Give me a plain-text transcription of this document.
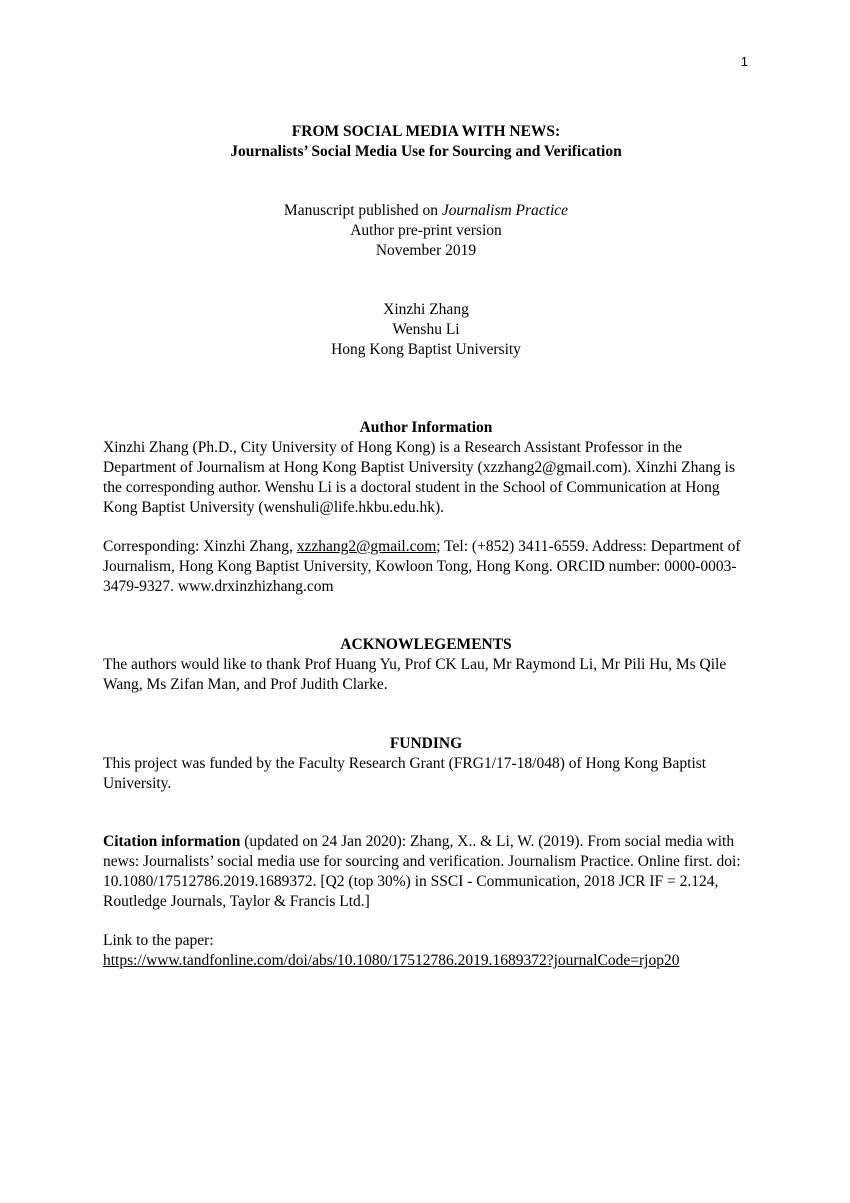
1

FROM SOCIAL MEDIA WITH NEWS:

Journalists’ Social Media Use for Sourcing and Verification

Manuscript published on Journalism Practice

Author pre-print version

November 2019

Xinzhi Zhang

Wenshu Li

Hong Kong Baptist University

Author Information

Xinzhi Zhang (Ph.D., City University of Hong Kong) is a Research Assistant Professor in the Department of Journalism at Hong Kong Baptist University (xzzhang2@gmail.com). Xinzhi Zhang is the corresponding author. Wenshu Li is a doctoral student in the School of Communication at Hong Kong Baptist University (wenshuli@life.hkbu.edu.hk).

Corresponding: Xinzhi Zhang, xzzhang2@gmail.com; Tel: (+852) 3411-6559. Address: Department of Journalism, Hong Kong Baptist University, Kowloon Tong, Hong Kong. ORCID number: 0000-0003-3479-9327. www.drxinzhizhang.com

ACKNOWLEGEMENTS

The authors would like to thank Prof Huang Yu, Prof CK Lau, Mr Raymond Li, Mr Pili Hu, Ms Qile Wang, Ms Zifan Man, and Prof Judith Clarke.

FUNDING

This project was funded by the Faculty Research Grant (FRG1/17-18/048) of Hong Kong Baptist University.

Citation information (updated on 24 Jan 2020): Zhang, X.. & Li, W. (2019). From social media with news: Journalists’ social media use for sourcing and verification. Journalism Practice. Online first. doi: 10.1080/17512786.2019.1689372. [Q2 (top 30%) in SSCI - Communication, 2018 JCR IF = 2.124, Routledge Journals, Taylor & Francis Ltd.]

Link to the paper:

https://www.tandfonline.com/doi/abs/10.1080/17512786.2019.1689372?journalCode=rjop20
